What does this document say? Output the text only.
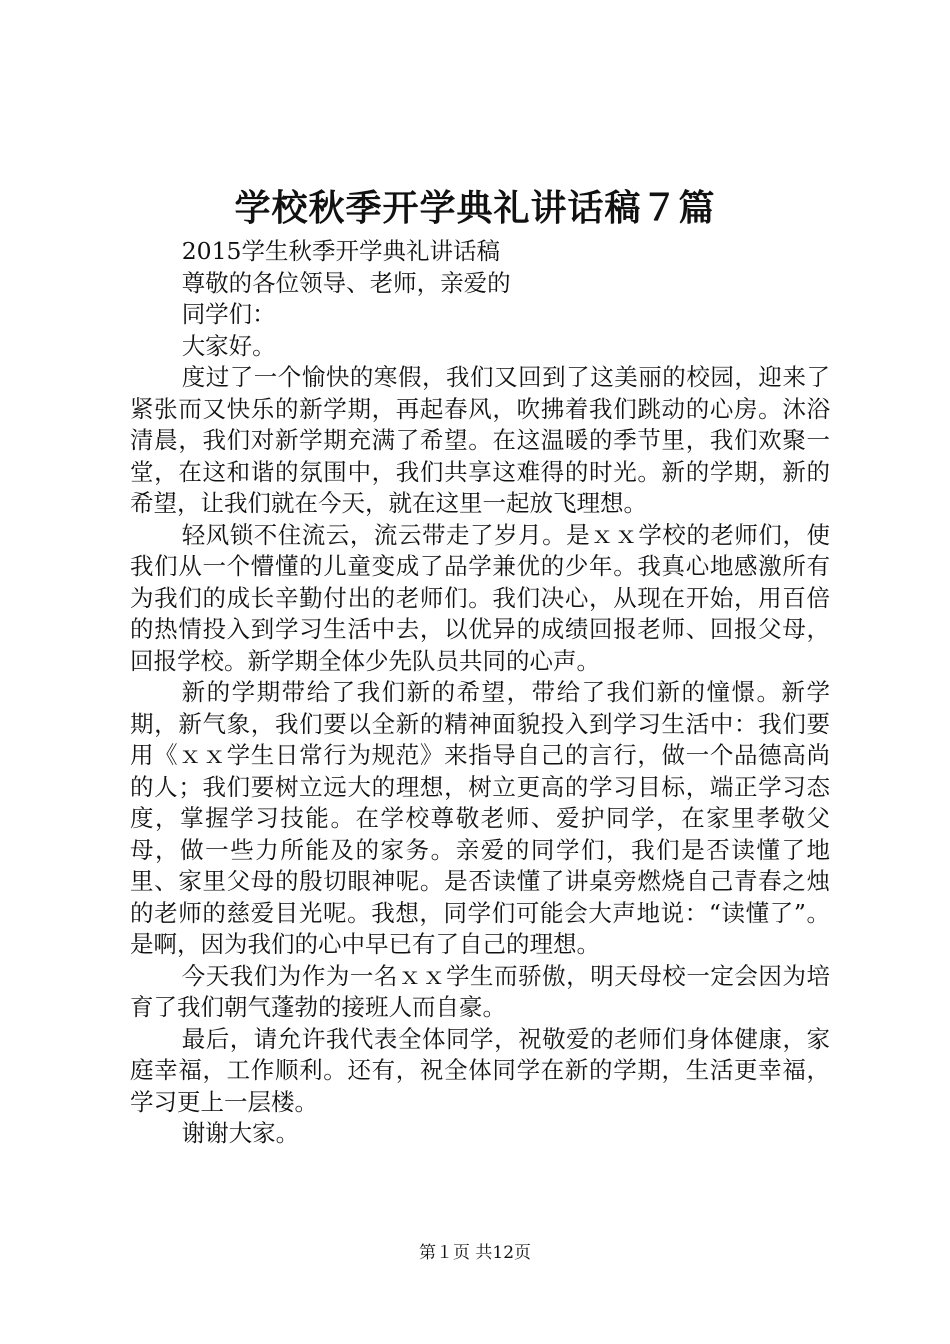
学校秋季开学典礼讲话稿７篇

2015学生秋季开学典礼讲话稿

尊敬的各位领导、老师，亲爱的

同学们：

大家好。

度过了一个愉快的寒假，我们又回到了这美丽的校园，迎来了紧张而又快乐的新学期，再起春风，吹拂着我们跳动的心房。沐浴清晨，我们对新学期充满了希望。在这温暖的季节里，我们欢聚一堂，在这和谐的氛围中，我们共享这难得的时光。新的学期，新的希望，让我们就在今天，就在这里一起放飞理想。

轻风锁不住流云，流云带走了岁月。是ｘｘ学校的老师们，使我们从一个懵懂的儿童变成了品学兼优的少年。我真心地感激所有为我们的成长辛勤付出的老师们。我们决心，从现在开始，用百倍的热情投入到学习生活中去，以优异的成绩回报老师、回报父母，回报学校。新学期全体少先队员共同的心声。

新的学期带给了我们新的希望，带给了我们新的憧憬。新学期，新气象，我们要以全新的精神面貌投入到学习生活中：我们要用《ｘｘ学生日常行为规范》来指导自己的言行，做一个品德高尚的人；我们要树立远大的理想，树立更高的学习目标，端正学习态度，掌握学习技能。在学校尊敬老师、爱护同学，在家里孝敬父母，做一些力所能及的家务。亲爱的同学们，我们是否读懂了地里、家里父母的殷切眼神呢。是否读懂了讲桌旁燃烧自己青春之烛的老师的慈爱目光呢。我想，同学们可能会大声地说：“读懂了”。是啊，因为我们的心中早已有了自己的理想。

今天我们为作为一名ｘｘ学生而骄傲，明天母校一定会因为培育了我们朝气蓬勃的接班人而自豪。

最后，请允许我代表全体同学，祝敬爱的老师们身体健康，家庭幸福，工作顺利。还有，祝全体同学在新的学期，生活更幸福，学习更上一层楼。

谢谢大家。

第１页 共12页
